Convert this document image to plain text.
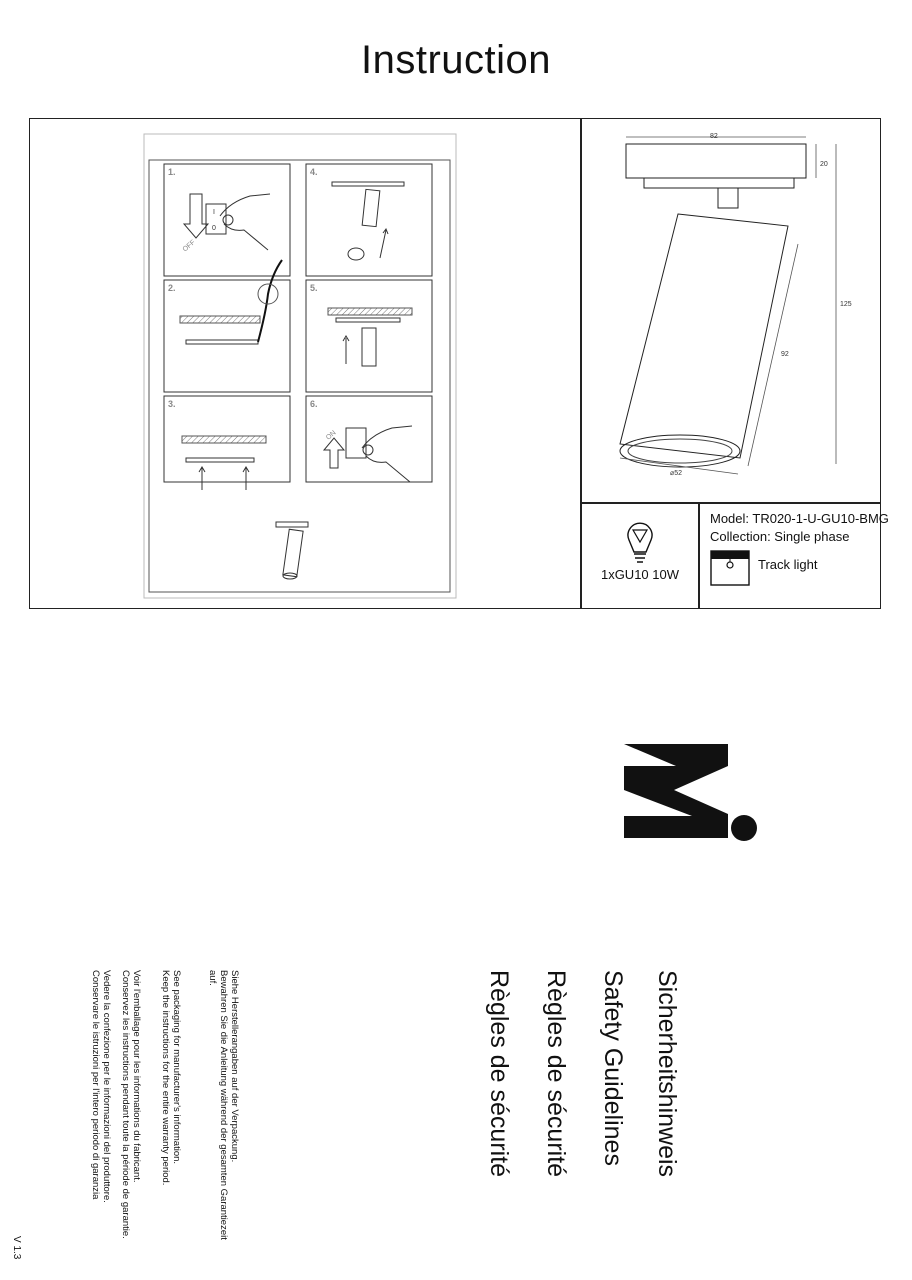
Instruction
1.
OFF
I
0
2.
3.
4.
5.
6.
ON
82
20
125
92
⌀52
1xGU10 10W
Model: TR020-1-U-GU10-BMG
Collection: Single phase
Track light
Sicherheitshinweis
Safety Guidelines
Règles de sécurité
Règles de sécurité
Siehe Herstellerangaben auf der Verpackung.
Bewahren Sie die Anleitung während der gesamten Garantiezeit
auf.
See packaging for manufacturer's information.
Keep the instructions for the entire warranty period.
Voir l'emballage pour les informations du fabricant.
Conservez les instructions pendant toute la période de garantie.
Vedere la confezione per le informazioni del produttore.
Conservare le istruzioni per l'intero periodo di garanzia
V 1.3
